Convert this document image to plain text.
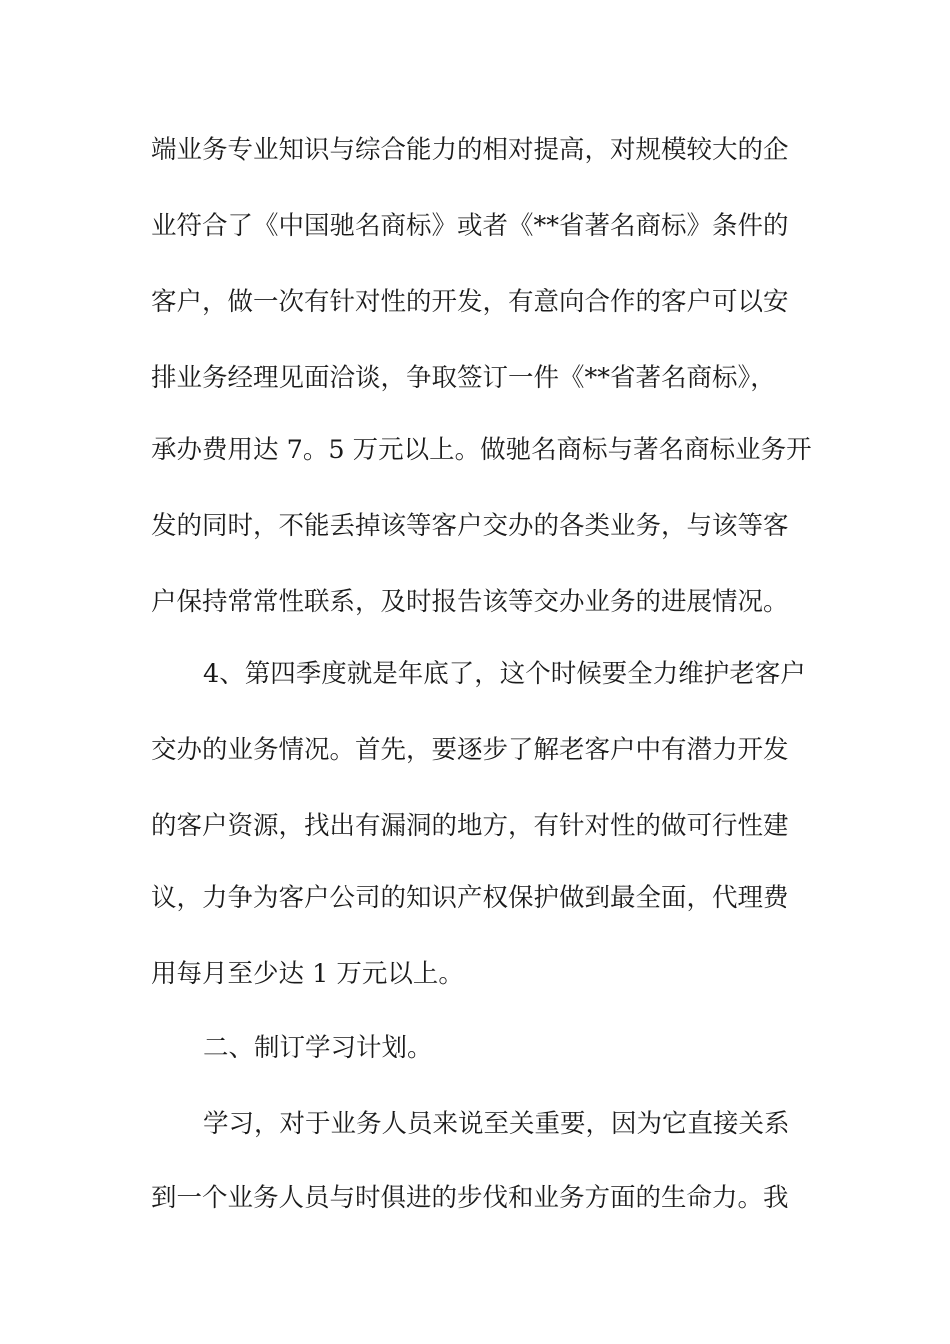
端业务专业知识与综合能力的相对提高，对规模较大的企
业符合了《中国驰名商标》或者《**省著名商标》条件的
客户，做一次有针对性的开发，有意向合作的客户可以安
排业务经理见面洽谈，争取签订一件《**省著名商标》，
承办费用达 7。5 万元以上。做驰名商标与著名商标业务开
发的同时，不能丢掉该等客户交办的各类业务，与该等客
户保持常常性联系，及时报告该等交办业务的进展情况。
4、第四季度就是年底了，这个时候要全力维护老客户
交办的业务情况。首先，要逐步了解老客户中有潜力开发
的客户资源，找出有漏洞的地方，有针对性的做可行性建
议，力争为客户公司的知识产权保护做到最全面，代理费
用每月至少达 1 万元以上。
二、制订学习计划。
学习，对于业务人员来说至关重要，因为它直接关系
到一个业务人员与时俱进的步伐和业务方面的生命力。我
